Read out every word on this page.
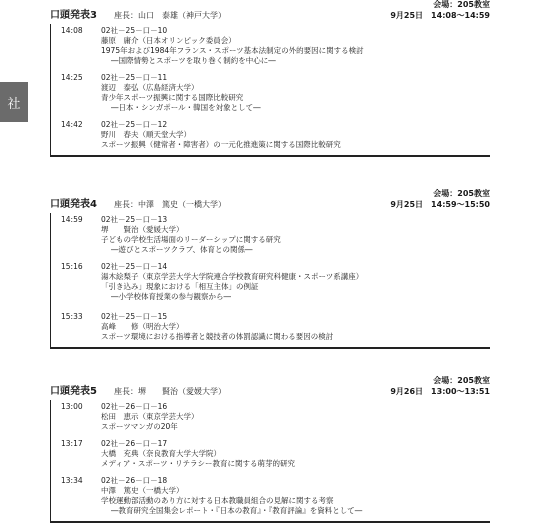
社
会場：205教室
口頭発表3 座長：山口　泰雄（神戸大学）	9月25日　14:08〜14:59
14:08	02社－25－口－10
藤原　庸介（日本オリンピック委員会）
1975年および1984年フランス・スポーツ基本法制定の外的要因に関する検討
―国際情勢とスポーツを取り巻く制約を中心に―
14:25	02社－25－口－11
渡辺　泰弘（広島経済大学）
青少年スポーツ振興に関する国際比較研究
―日本・シンガポール・韓国を対象として―
14:42	02社－25－口－12
野川　春夫（順天堂大学）
スポーツ振興（健常者・障害者）の一元化推進策に関する国際比較研究
会場：205教室
口頭発表4 座長：中澤　篤史（一橋大学）	9月25日　14:59〜15:50
14:59	02社－25－口－13
堺　　賢治（愛媛大学）
子どもの学校生活場面のリーダーシップに関する研究
―遊びとスポーツクラブ、体育との関係―
15:16	02社－25－口－14
湯木絵梨子（東京学芸大学大学院連合学校教育研究科健康・スポーツ系講座）
「引き込み」現象における「相互主体」の例証
―小学校体育授業の参与観察から―
15:33	02社－25－口－15
高峰　　修（明治大学）
スポーツ環境における指導者と競技者の体罰認識に関わる要因の検討
会場：205教室
口頭発表5 座長：堺　　賢治（愛媛大学）	9月26日　13:00〜13:51
13:00	02社－26－口－16
松田　恵示（東京学芸大学）
スポーツマンガの20年
13:17	02社－26－口－17
大橋　充典（奈良教育大学大学院）
メディア・スポーツ・リテラシー教育に関する萌芽的研究
13:34	02社－26－口－18
中澤　篤史（一橋大学）
学校運動部活動のあり方に対する日本教職員組合の見解に関する考察
―教育研究全国集会レポート・『日本の教育』・『教育評論』を資料として―
